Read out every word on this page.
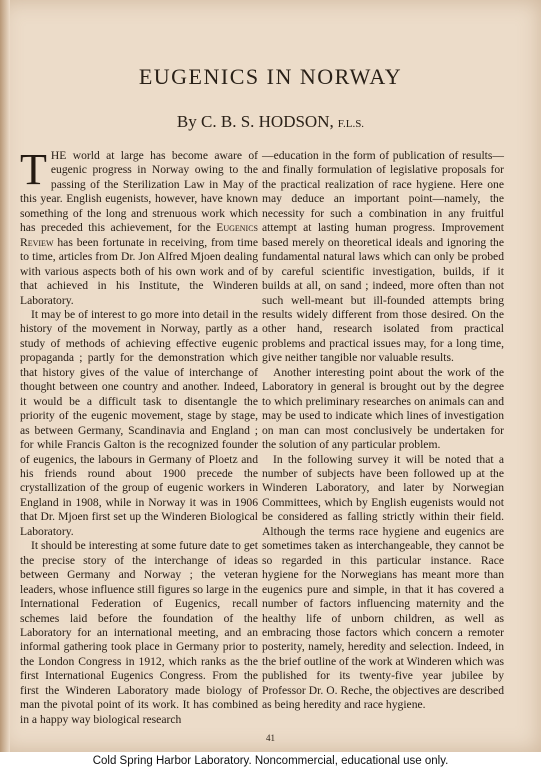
EUGENICS IN NORWAY
By C. B. S. HODSON, F.L.S.

THE world at large has become aware of eugenic progress in Norway owing to the passing of the Sterilization Law in May of this year. English eugenists, however, have known something of the long and strenuous work which has preceded this achievement, for the Eugenics Review has been fortunate in receiving, from time to time, articles from Dr. Jon Alfred Mjoen dealing with various aspects both of his own work and of that achieved in his Institute, the Winderen Laboratory.

It may be of interest to go more into detail in the history of the movement in Norway, partly as a study of methods of achieving effective eugenic propaganda ; partly for the demonstration which that history gives of the value of interchange of thought between one country and another. Indeed, it would be a difficult task to disentangle the priority of the eugenic movement, stage by stage, as between Germany, Scandinavia and England ; for while Francis Galton is the recognized founder of eugenics, the labours in Germany of Ploetz and his friends round about 1900 precede the crystallization of the group of eugenic workers in England in 1908, while in Norway it was in 1906 that Dr. Mjoen first set up the Winderen Biological Laboratory.

It should be interesting at some future date to get the precise story of the interchange of ideas between Germany and Norway ; the veteran leaders, whose influence still figures so large in the International Federation of Eugenics, recall schemes laid before the foundation of the Laboratory for an international meeting, and an informal gathering took place in Germany prior to the London Congress in 1912, which ranks as the first International Eugenics Congress. From the first the Winderen Laboratory made biology of man the pivotal point of its work. It has combined in a happy way biological research

—education in the form of publication of results—and finally formulation of legislative proposals for the practical realization of race hygiene. Here one may deduce an important point—namely, the necessity for such a combination in any fruitful attempt at lasting human progress. Improvement based merely on theoretical ideals and ignoring the fundamental natural laws which can only be probed by careful scientific investigation, builds, if it builds at all, on sand ; indeed, more often than not such well-meant but ill-founded attempts bring results widely different from those desired. On the other hand, research isolated from practical problems and practical issues may, for a long time, give neither tangible nor valuable results.

Another interesting point about the work of the Laboratory in general is brought out by the degree to which preliminary researches on animals can and may be used to indicate which lines of investigation on man can most conclusively be undertaken for the solution of any particular problem.

In the following survey it will be noted that a number of subjects have been followed up at the Winderen Laboratory, and later by Norwegian Committees, which by English eugenists would not be considered as falling strictly within their field. Although the terms race hygiene and eugenics are sometimes taken as interchangeable, they cannot be so regarded in this particular instance. Race hygiene for the Norwegians has meant more than eugenics pure and simple, in that it has covered a number of factors influencing maternity and the healthy life of unborn children, as well as embracing those factors which concern a remoter posterity, namely, heredity and selection. Indeed, in the brief outline of the work at Winderen which was published for its twenty-five year jubilee by Professor Dr. O. Reche, the objectives are described as being heredity and race hygiene.

41
Cold Spring Harbor Laboratory. Noncommercial, educational use only.
